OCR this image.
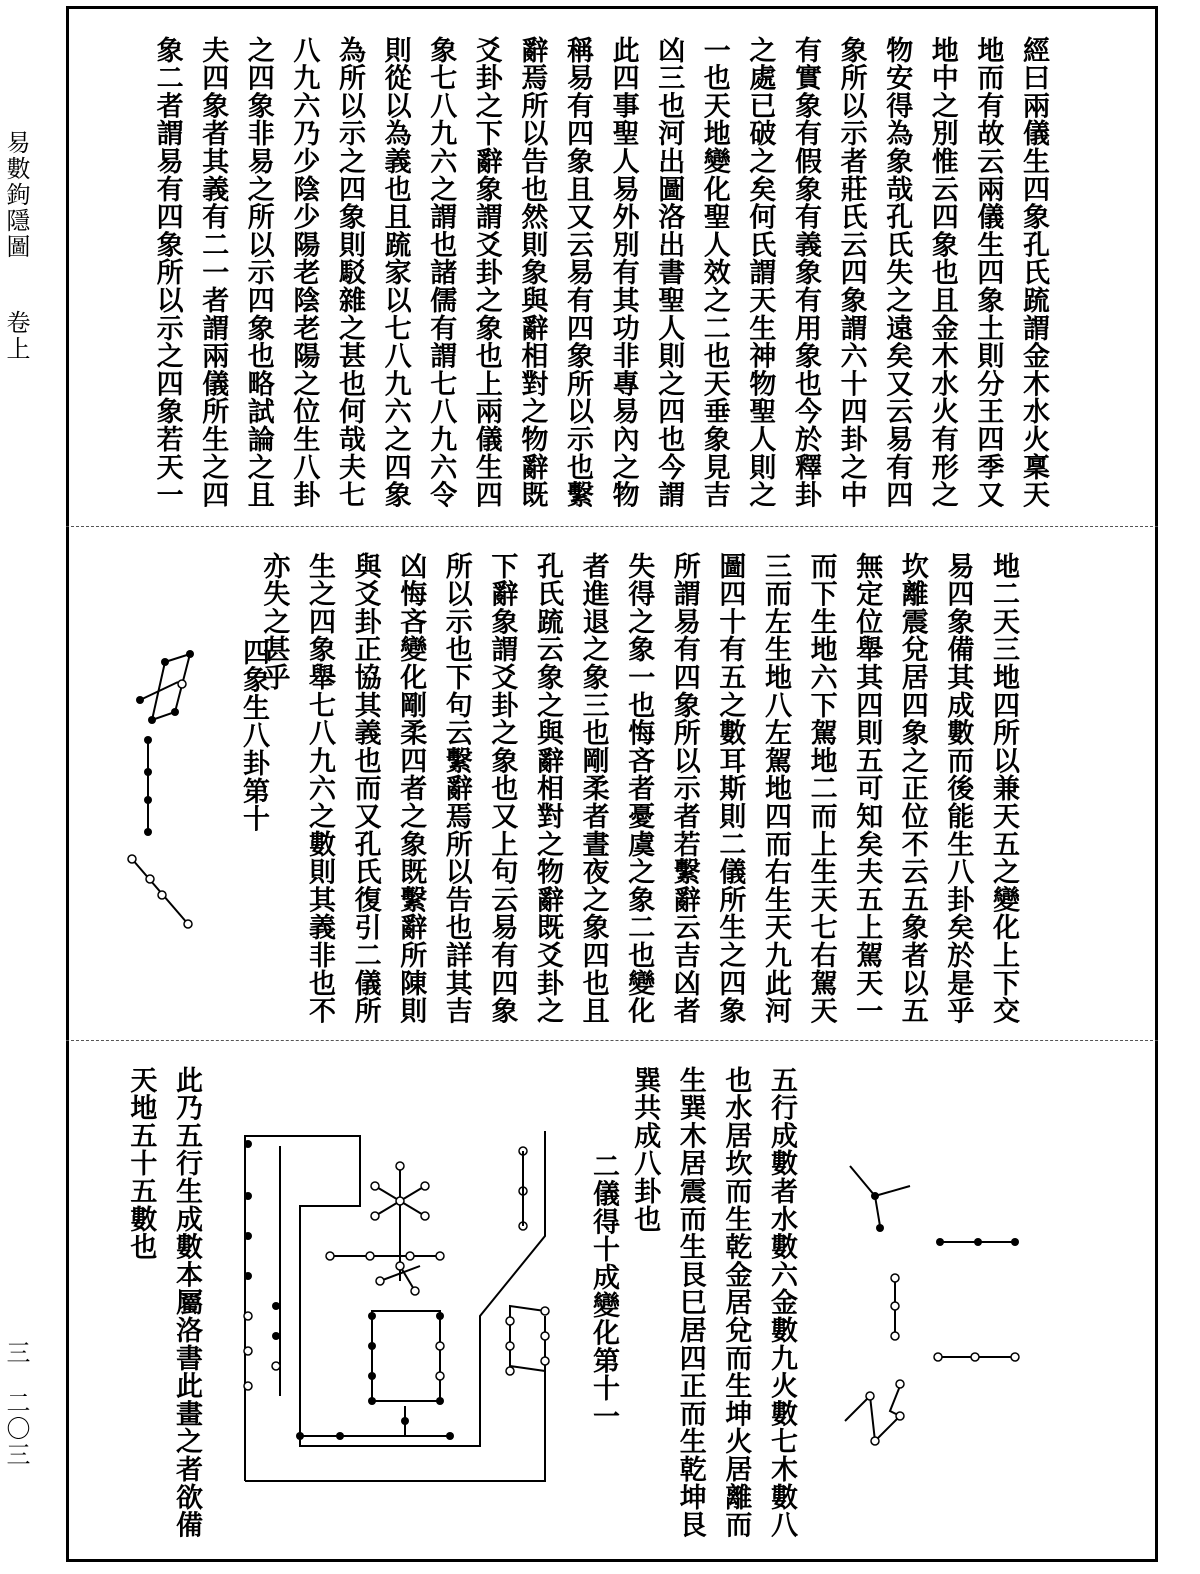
易數鉤隱圖
卷上
三
二〇三
經曰兩儀生四象孔氏䟽謂金木水火稟天
地而有故云兩儀生四象土則分王四季又
地中之別惟云四象也且金木水火有形之
物安得為象哉孔氏失之遠矣又云易有四
象所以示者莊氏云四象謂六十四卦之中
有實象有假象有義象有用象也今於釋卦
之處已破之矣何氏謂天生神物聖人則之
一也天地變化聖人效之二也天垂象見吉
凶三也河出圖洛出書聖人則之四也今謂
此四事聖人易外別有其功非專易內之物
稱易有四象且又云易有四象所以示也繫
辭焉所以告也然則象與辭相對之物辭既
爻卦之下辭象謂爻卦之象也上兩儀生四
象七八九六之謂也諸儒有謂七八九六令
則從以為義也且䟽家以七八九六之四象
為所以示之四象則駁雜之甚也何哉夫七
八九六乃少陰少陽老陰老陽之位生八卦
之四象非易之所以示四象也略試論之且
夫四象者其義有二一者謂兩儀所生之四
象二者謂易有四象所以示之四象若天一
四象生八卦第十	地二天三地四所以兼天五之變化上下交
易四象備其成數而後能生八卦矣於是乎
坎離震兌居四象之正位不云五象者以五
無定位舉其四則五可知矣夫五上駕天一
而下生地六下駕地二而上生天七右駕天
三而左生地八左駕地四而右生天九此河
圖四十有五之數耳斯則二儀所生之四象
所謂易有四象所以示者若繫辭云吉凶者
失得之象一也悔吝者憂虞之象二也變化
者進退之象三也剛柔者晝夜之象四也且
孔氏䟽云象之與辭相對之物辭既爻卦之
下辭象謂爻卦之象也又上句云易有四象
所以示也下句云繫辭焉所以告也詳其吉
凶悔吝變化剛柔四者之象既繫辭所陳則
與爻卦正協其義也而又孔氏復引二儀所
生之四象舉七八九六之數則其義非也不
亦失之甚乎
二儀得十成變化第十一	五行成數者水數六金數九火數七木數八
也水居坎而生乾金居兌而生坤火居離而
生巽木居震而生艮巳居四正而生乾坤艮
巽共成八卦也
此乃五行生成數本屬洛書此畫之者欲備
天地五十五數也
